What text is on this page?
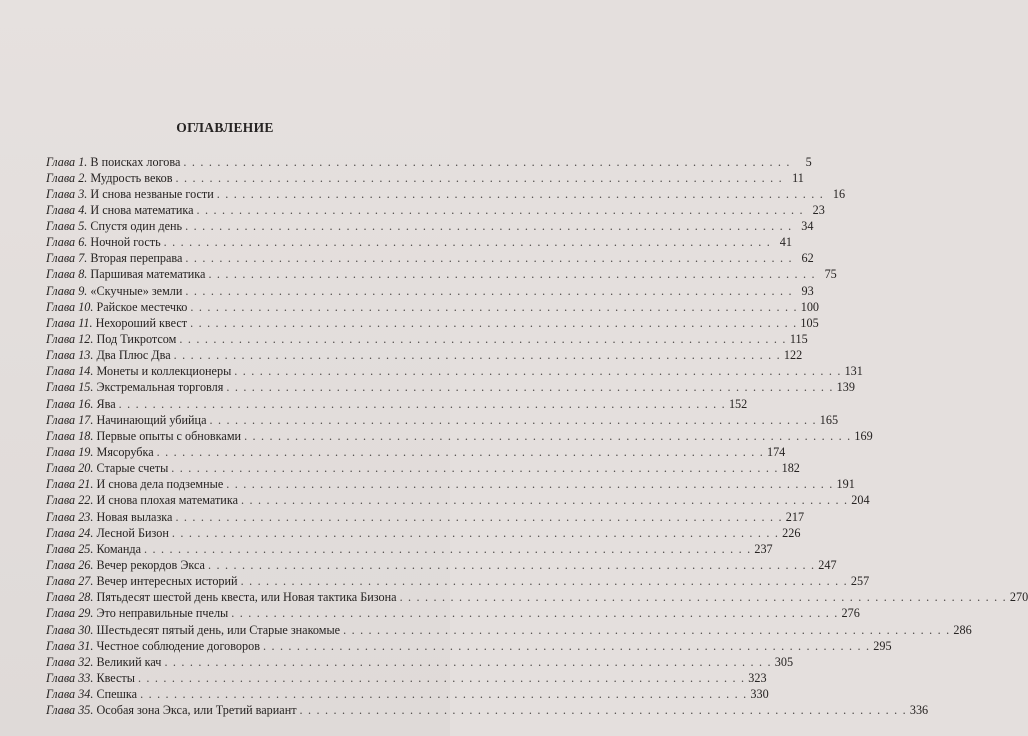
ОГЛАВЛЕНИЕ
Глава 1. В поисках логова . . .	5
Глава 2. Мудрость веков . . .	11
Глава 3. И снова незваные гости . . .	16
Глава 4. И снова математика . . .	23
Глава 5. Спустя один день . . .	34
Глава 6. Ночной гость . . .	41
Глава 7. Вторая переправа . . .	62
Глава 8. Паршивая математика . . .	75
Глава 9. «Скучные» земли . . .	93
Глава 10. Райское местечко . . .	100
Глава 11. Нехороший квест . . .	105
Глава 12. Под Тикротсом . . .	115
Глава 13. Два Плюс Два . . .	122
Глава 14. Монеты и коллекционеры . . .	131
Глава 15. Экстремальная торговля . . .	139
Глава 16. Ява . . .	152
Глава 17. Начинающий убийца . . .	165
Глава 18. Первые опыты с обновками . . .	169
Глава 19. Мясорубка . . .	174
Глава 20. Старые счеты . . .	182
Глава 21. И снова дела подземные . . .	191
Глава 22. И снова плохая математика . . .	204
Глава 23. Новая вылазка . . .	217
Глава 24. Лесной Бизон . . .	226
Глава 25. Команда . . .	237
Глава 26. Вечер рекордов Экса . . .	247
Глава 27. Вечер интересных историй . . .	257
Глава 28. Пятьдесят шестой день квеста, или Новая тактика Бизона . . .	270
Глава 29. Это неправильные пчелы . . .	276
Глава 30. Шестьдесят пятый день, или Старые знакомые . . .	286
Глава 31. Честное соблюдение договоров . . .	295
Глава 32. Великий кач . . .	305
Глава 33. Квесты . . .	323
Глава 34. Спешка . . .	330
Глава 35. Особая зона Экса, или Третий вариант . . .	336
